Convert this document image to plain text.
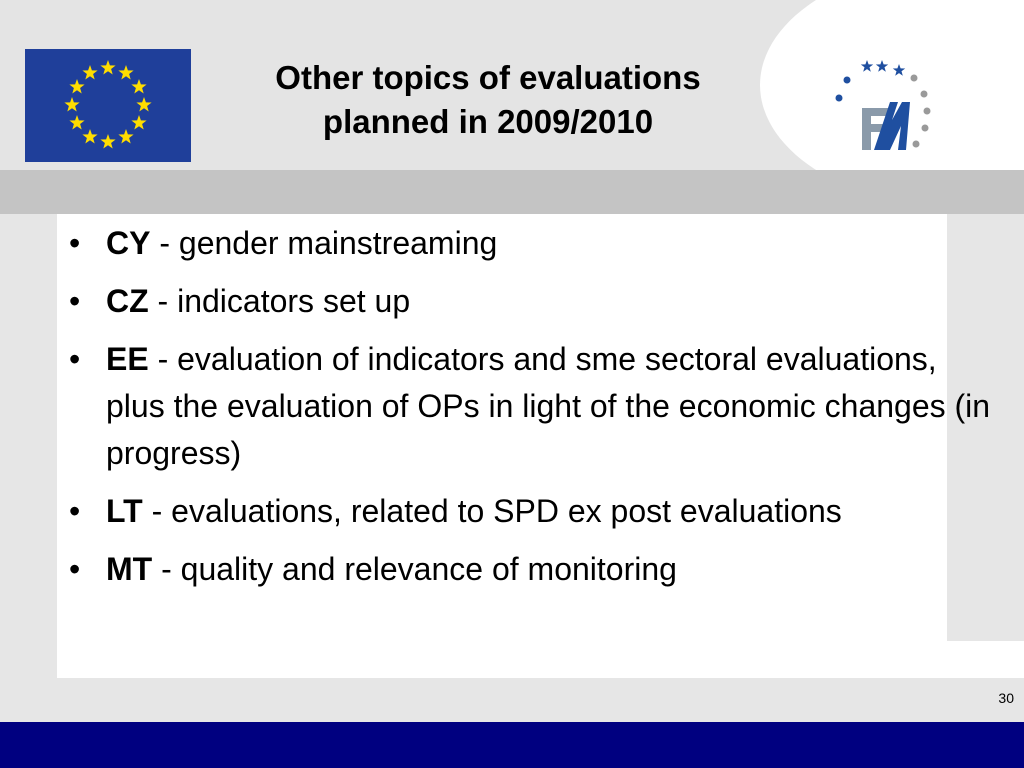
Other topics of evaluations
planned in 2009/2010
• CY - gender mainstreaming
• CZ - indicators set up
• EE - evaluation of indicators and sme sectoral evaluations, plus the evaluation of OPs in light of the economic changes (in progress)
• LT - evaluations, related to SPD ex post evaluations
• MT - quality and relevance of monitoring
30
